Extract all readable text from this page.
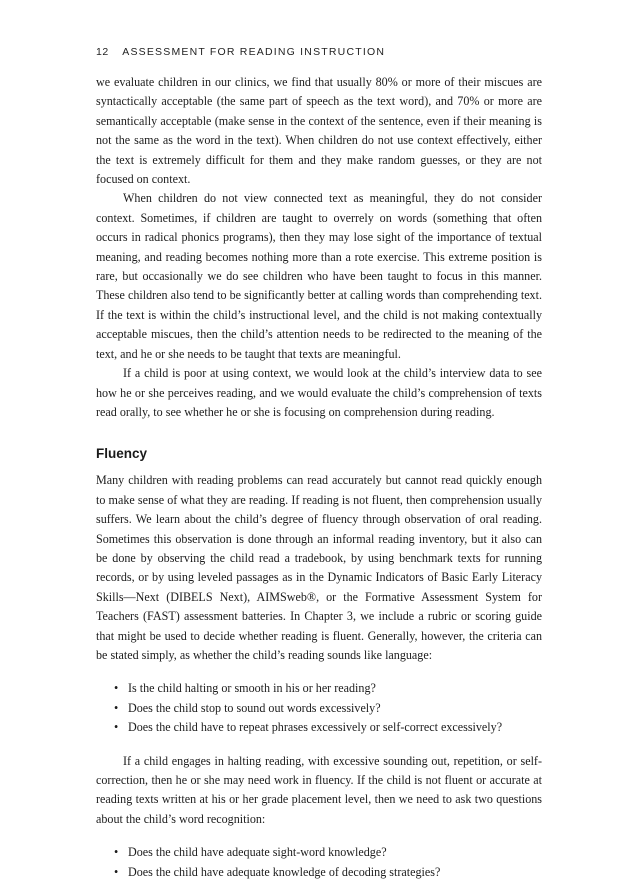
12 ASSESSMENT FOR READING INSTRUCTION

we evaluate children in our clinics, we find that usually 80% or more of their miscues are syntactically acceptable (the same part of speech as the text word), and 70% or more are semantically acceptable (make sense in the context of the sentence, even if their meaning is not the same as the word in the text). When children do not use context effectively, either the text is extremely difficult for them and they make random guesses, or they are not focused on context.

When children do not view connected text as meaningful, they do not consider context. Sometimes, if children are taught to overrely on words (something that often occurs in radical phonics programs), then they may lose sight of the importance of textual meaning, and reading becomes nothing more than a rote exercise. This extreme position is rare, but occasionally we do see children who have been taught to focus in this manner. These children also tend to be significantly better at calling words than comprehending text. If the text is within the child’s instructional level, and the child is not making contextually acceptable miscues, then the child’s attention needs to be redirected to the meaning of the text, and he or she needs to be taught that texts are meaningful.

If a child is poor at using context, we would look at the child’s interview data to see how he or she perceives reading, and we would evaluate the child’s comprehension of texts read orally, to see whether he or she is focusing on comprehension during reading.

Fluency

Many children with reading problems can read accurately but cannot read quickly enough to make sense of what they are reading. If reading is not fluent, then comprehension usually suffers. We learn about the child’s degree of fluency through observation of oral reading. Sometimes this observation is done through an informal reading inventory, but it also can be done by observing the child read a tradebook, by using benchmark texts for running records, or by using leveled passages as in the Dynamic Indicators of Basic Early Literacy Skills—Next (DIBELS Next), AIMSweb®, or the Formative Assessment System for Teachers (FAST) assessment batteries. In Chapter 3, we include a rubric or scoring guide that might be used to decide whether reading is fluent. Generally, however, the criteria can be stated simply, as whether the child’s reading sounds like language:

• Is the child halting or smooth in his or her reading?
• Does the child stop to sound out words excessively?
• Does the child have to repeat phrases excessively or self-correct excessively?

If a child engages in halting reading, with excessive sounding out, repetition, or self-correction, then he or she may need work in fluency. If the child is not fluent or accurate at reading texts written at his or her grade placement level, then we need to ask two questions about the child’s word recognition:

• Does the child have adequate sight-word knowledge?
• Does the child have adequate knowledge of decoding strategies?
